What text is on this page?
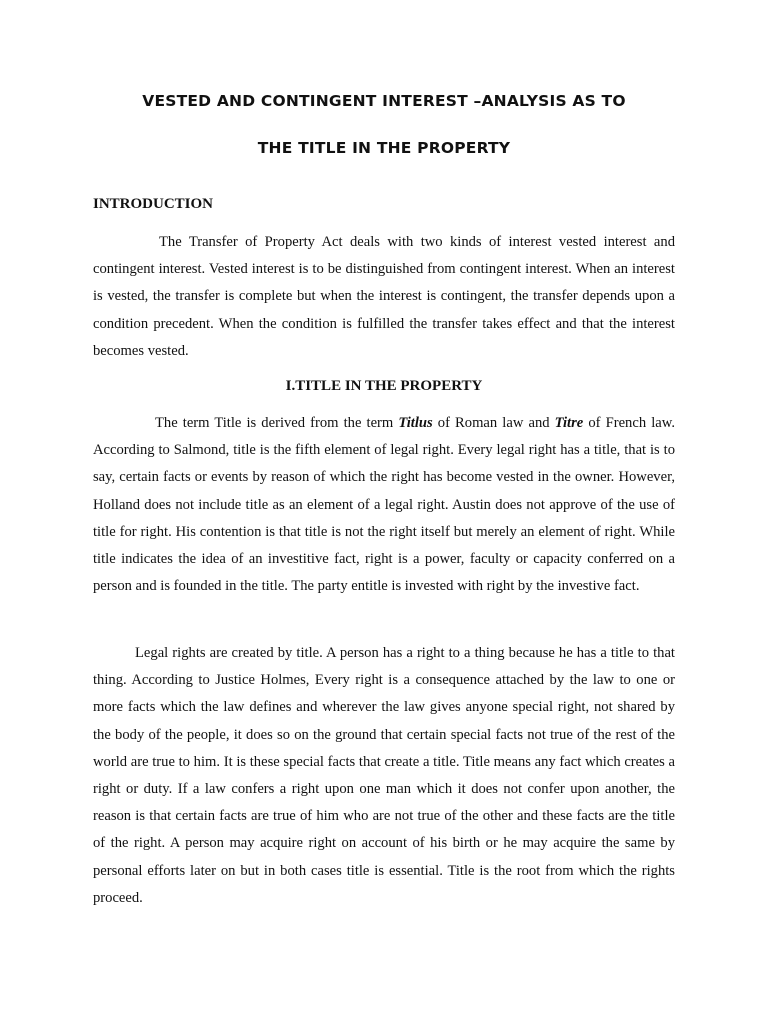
VESTED AND CONTINGENT INTEREST –ANALYSIS AS TO
THE TITLE IN THE PROPERTY
INTRODUCTION

The Transfer of Property Act deals with two kinds of interest vested interest and contingent interest. Vested interest is to be distinguished from contingent interest. When an interest is vested, the transfer is complete but when the interest is contingent, the transfer depends upon a condition precedent. When the condition is fulfilled the transfer takes effect and that the interest becomes vested.

I.TITLE IN THE PROPERTY

The term Title is derived from the term Titlus of Roman law and Titre of French law. According to Salmond, title is the fifth element of legal right. Every legal right has a title, that is to say, certain facts or events by reason of which the right has become vested in the owner. However, Holland does not include title as an element of a legal right. Austin does not approve of the use of title for right. His contention is that title is not the right itself but merely an element of right. While title indicates the idea of an investitive fact, right is a power, faculty or capacity conferred on a person and is founded in the title. The party entitle is invested with right by the investive fact.

Legal rights are created by title. A person has a right to a thing because he has a title to that thing. According to Justice Holmes, Every right is a consequence attached by the law to one or more facts which the law defines and wherever the law gives anyone special right, not shared by the body of the people, it does so on the ground that certain special facts not true of the rest of the world are true to him. It is these special facts that create a title. Title means any fact which creates a right or duty. If a law confers a right upon one man which it does not confer upon another, the reason is that certain facts are true of him who are not true of the other and these facts are the title of the right. A person may acquire right on account of his birth or he may acquire the same by personal efforts later on but in both cases title is essential. Title is the root from which the rights proceed.
